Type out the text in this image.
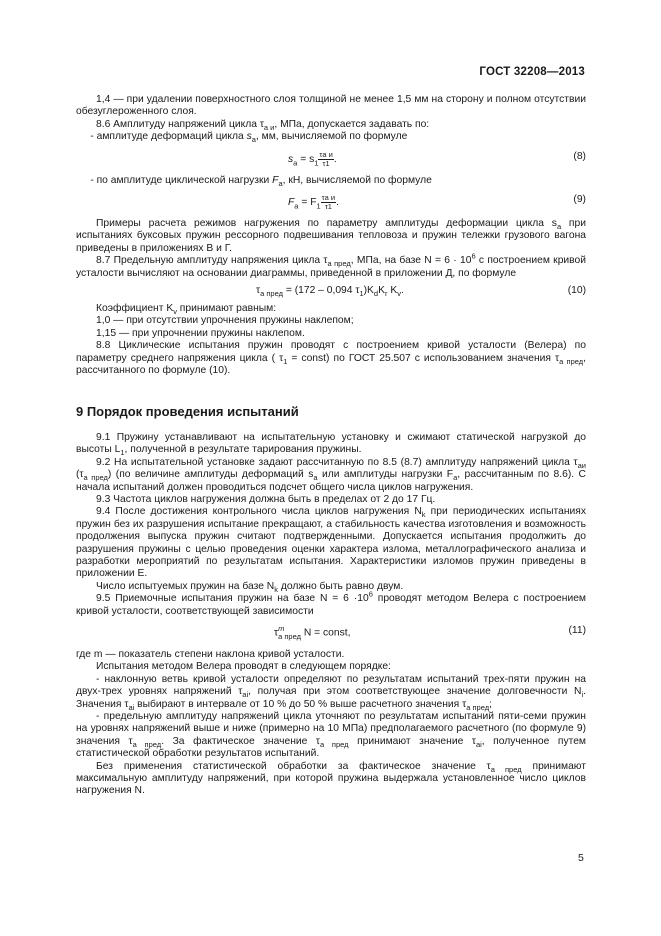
ГОСТ 32208—2013

1,4 — при удалении поверхностного слоя толщиной не менее 1,5 мм на сторону и полном отсутствии обезуглероженного слоя.

8.6 Амплитуду напряжений цикла $\tau_{а и}$, МПа, допускается задавать по:

- амплитуде деформаций цикла $s_a$, мм, вычисляемой по формуле

$s_a = s_1$
τa и
τ1 .	(8)

- по амплитуде циклической нагрузки $F_a$, кН, вычисляемой по формуле

$F_a = F_1$
τa и
τ1 .	(9)

Примеры расчета режимов нагружения по параметру амплитуды деформации цикла $s_a$ при испытаниях буксовых пружин рессорного подвешивания тепловоза и пружин тележки грузового вагона приведены в приложениях В и Г.

8.7 Предельную амплитуду напряжения цикла $\tau_{а пред}$, МПа, на базе $N = 6 \cdot 10^6$ с построением кривой усталости вычисляют на основании диаграммы, приведенной в приложении Д, по формуле

$\tau_{а пред} = (172 - 0,094$ $\tau_1)K_dK_r$ $K_v$.	(10)

Коэффициент $K_v$ принимают равным:

1,0 — при отсутствии упрочнения пружины наклепом;

1,15 — при упрочнении пружины наклепом.

8.8 Циклические испытания пружин проводят с построением кривой усталости (Велера) по параметру среднего напряжения цикла ( $\tau_1$ = const) по ГОСТ 25.507 с использованием значения $\tau_{а пред}$, рассчитанного по формуле (10).

9 Порядок проведения испытаний

9.1 Пружину устанавливают на испытательную установку и сжимают статической нагрузкой до высоты $L_1$, полученной в результате тарирования пружины.

9.2 На испытательной установке задают рассчитанную по 8.5 (8.7) амплитуду напряжений цикла $\tau_{аи}$ $(\tau_{а пред})$ (по величине амплитуды деформаций $s_a$ или амплитуды нагрузки $F_a$, рассчитанным по 8.6). С начала испытаний должен проводиться подсчет общего числа циклов нагружения.

9.3 Частота циклов нагружения должна быть в пределах от 2 до 17 Гц.

9.4 После достижения контрольного числа циклов нагружения $N_k$ при периодических испытаниях пружин без их разрушения испытание прекращают, а стабильность качества изготовления и возможность продолжения выпуска пружин считают подтвержденными. Допускается испытания продолжить до разрушения пружины с целью проведения оценки характера излома, металлографического анализа и разработки мероприятий по результатам испытания. Характеристики изломов пружин приведены в приложении Е.

Число испытуемых пружин на базе $N_k$ должно быть равно двум.

9.5 Приемочные испытания пружин на базе $N = 6 \cdot 10^6$ проводят методом Велера с построением кривой усталости, соответствующей зависимости

τ m
а пред N = const,	(11)

где m — показатель степени наклона кривой усталости.

Испытания методом Велера проводят в следующем порядке:

- наклонную ветвь кривой усталости определяют по результатам испытаний трех-пяти пружин на двух-трех уровнях напряжений $\tau_{аi}$, получая при этом соответствующее значение долговечности $N_i$. Значения $\tau_{аi}$ выбирают в интервале от 10 % до 50 % выше расчетного значения $\tau_{а пред}$;

- предельную амплитуду напряжений цикла уточняют по результатам испытаний пяти-семи пружин на уровнях напряжений выше и ниже (примерно на 10 МПа) предполагаемого расчетного (по формуле 9) значения $\tau_{а пред}$. За фактическое значение $\tau_{а пред}$ принимают значение $\tau_{аi}$, полученное путем статистической обработки результатов испытаний.

Без применения статистической обработки за фактическое значение $\tau_{а пред}$ принимают максимальную амплитуду напряжений, при которой пружина выдержала установленное число циклов нагружения N.

5
